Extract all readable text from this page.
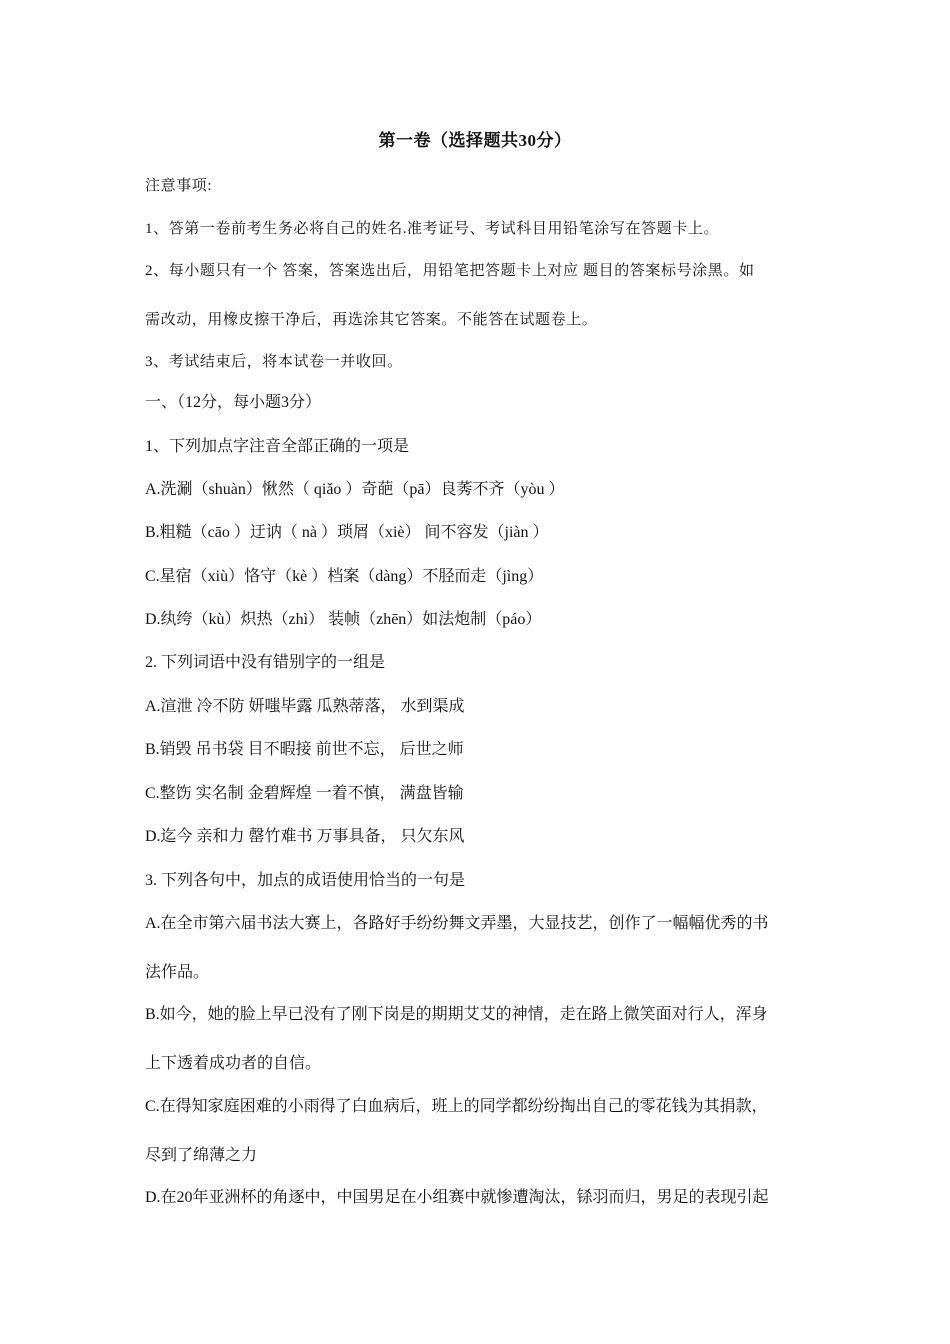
第一卷（选择题共30分）
注意事项:
1、答第一卷前考生务必将自己的姓名.准考证号、考试科目用铅笔涂写在答题卡上。
2、每小题只有一个 答案，答案选出后，用铅笔把答题卡上对应 题目的答案标号涂黑。如
需改动，用橡皮擦干净后，再选涂其它答案。不能答在试题卷上。
3、考试结束后，将本试卷一并收回。
一、（12分，每小题3分）
1、下列加点字注音全部正确的一项是
A.洗涮（shuàn）愀然（ qiǎo ）奇葩（pā）良莠不齐（yòu ）
B.粗糙（cāo ）迂讷（ nà ）琐屑（xiè） 间不容发（jiàn ）
C.星宿（xiù）恪守（kè ）档案（dàng）不胫而走（jìng）
D.纨绔（kù）炽热（zhì） 装帧（zhēn）如法炮制（páo）
2. 下列词语中没有错别字的一组是
A.渲泄 冷不防 妍嗤毕露 瓜熟蒂落， 水到渠成
B.销毁 吊书袋 目不暇接 前世不忘， 后世之师
C.整饬 实名制 金碧辉煌 一着不慎， 满盘皆输
D.迄今 亲和力 罄竹难书 万事具备， 只欠东风
3. 下列各句中，加点的成语使用恰当的一句是
A.在全市第六届书法大赛上，各路好手纷纷舞文弄墨，大显技艺，创作了一幅幅优秀的书
法作品。
B.如今，她的脸上早已没有了刚下岗是的期期艾艾的神情，走在路上微笑面对行人，浑身
上下透着成功者的自信。
C.在得知家庭困难的小雨得了白血病后，班上的同学都纷纷掏出自己的零花钱为其捐款，
尽到了绵薄之力
D.在20年亚洲杯的角逐中，中国男足在小组赛中就惨遭淘汰，铩羽而归，男足的表现引起
